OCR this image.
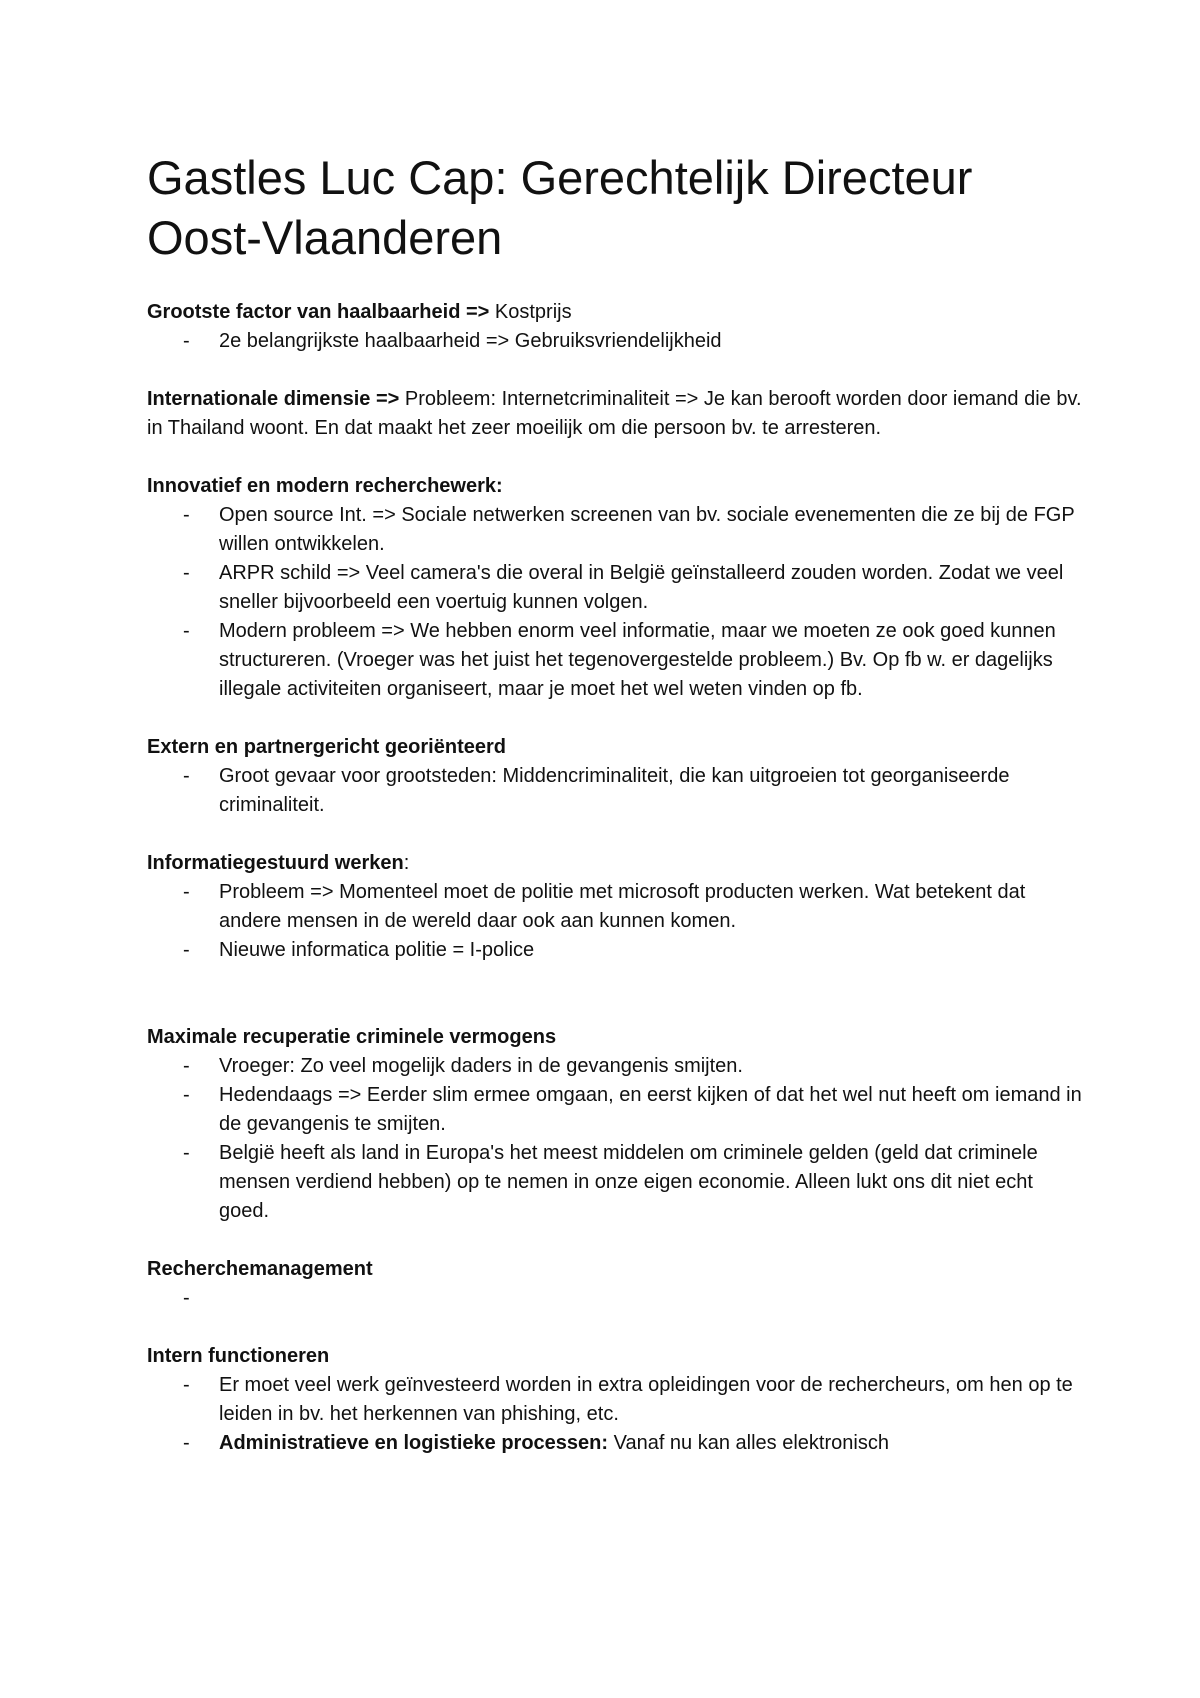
Gastles Luc Cap: Gerechtelijk Directeur Oost-Vlaanderen

Grootste factor van haalbaarheid => Kostprijs

- 2e belangrijkste haalbaarheid => Gebruiksvriendelijkheid

Internationale dimensie => Probleem: Internetcriminaliteit => Je kan berooft worden door iemand die bv. in Thailand woont. En dat maakt het zeer moeilijk om die persoon bv. te arresteren.

Innovatief en modern recherchewerk:

- Open source Int. => Sociale netwerken screenen van bv. sociale evenementen die ze bij de FGP willen ontwikkelen.
- ARPR schild => Veel camera's die overal in België geïnstalleerd zouden worden. Zodat we veel sneller bijvoorbeeld een voertuig kunnen volgen.
- Modern probleem => We hebben enorm veel informatie, maar we moeten ze ook goed kunnen structureren. (Vroeger was het juist het tegenovergestelde probleem.) Bv. Op fb w. er dagelijks illegale activiteiten organiseert, maar je moet het wel weten vinden op fb.

Extern en partnergericht georiënteerd

- Groot gevaar voor grootsteden: Middencriminaliteit, die kan uitgroeien tot georganiseerde criminaliteit.

Informatiegestuurd werken:

- Probleem => Momenteel moet de politie met microsoft producten werken. Wat betekent dat andere mensen in de wereld daar ook aan kunnen komen.
- Nieuwe informatica politie = I-police

Maximale recuperatie criminele vermogens

- Vroeger: Zo veel mogelijk daders in de gevangenis smijten.
- Hedendaags => Eerder slim ermee omgaan, en eerst kijken of dat het wel nut heeft om iemand in de gevangenis te smijten.
- België heeft als land in Europa's het meest middelen om criminele gelden (geld dat criminele mensen verdiend hebben) op te nemen in onze eigen economie. Alleen lukt ons dit niet echt goed.

Recherchemanagement

-

Intern functioneren

- Er moet veel werk geïnvesteerd worden in extra opleidingen voor de rechercheurs, om hen op te leiden in bv. het herkennen van phishing, etc.
- Administratieve en logistieke processen: Vanaf nu kan alles elektronisch
